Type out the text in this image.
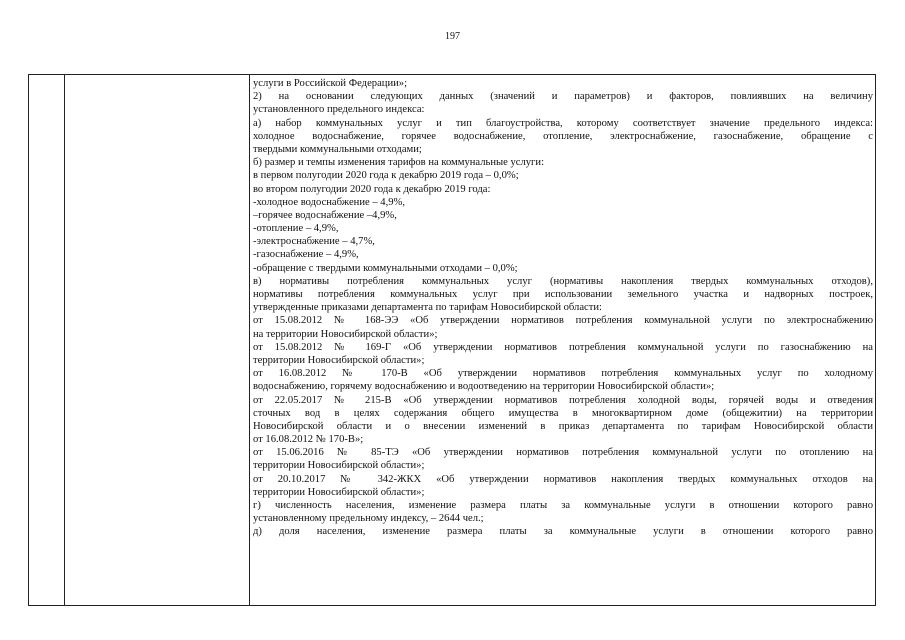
197
услуги в Российской Федерации»;
2) на основании следующих данных (значений и параметров) и факторов, повлиявших на величину
установленного предельного индекса:
а) набор коммунальных услуг и тип благоустройства, которому соответствует значение предельного индекса:
холодное водоснабжение, горячее водоснабжение, отопление, электроснабжение, газоснабжение, обращение с
твердыми коммунальными отходами;
б) размер и темпы изменения тарифов на коммунальные услуги:
в первом полугодии 2020 года к декабрю 2019 года – 0,0%;
во втором полугодии 2020 года к декабрю 2019 года:
-холодное водоснабжение – 4,9%,
–горячее водоснабжение –4,9%,
-отопление – 4,9%,
-электроснабжение – 4,7%,
-газоснабжение – 4,9%,
-обращение с твердыми коммунальными отходами – 0,0%;
в) нормативы потребления коммунальных услуг (нормативы накопления твердых коммунальных отходов),
нормативы потребления коммунальных услуг при использовании земельного участка и надворных построек,
утвержденные приказами департамента по тарифам Новосибирской области:
от 15.08.2012 № 168-ЭЭ «Об утверждении нормативов потребления коммунальной услуги по электроснабжению
на территории Новосибирской области»;
от 15.08.2012 № 169-Г «Об утверждении нормативов потребления коммунальной услуги по газоснабжению на
территории Новосибирской области»;
от 16.08.2012 № 170-В «Об утверждении нормативов потребления коммунальных услуг по холодному
водоснабжению, горячему водоснабжению и водоотведению на территории Новосибирской области»;
от 22.05.2017 № 215-В «Об утверждении нормативов потребления холодной воды, горячей воды и отведения
сточных вод в целях содержания общего имущества в многоквартирном доме (общежитии) на территории
Новосибирской области и о внесении изменений в приказ департамента по тарифам Новосибирской области
от 16.08.2012 № 170-В»;
от 15.06.2016 № 85-ТЭ «Об утверждении нормативов потребления коммунальной услуги по отоплению на
территории Новосибирской области»;
от 20.10.2017 № 342-ЖКХ «Об утверждении нормативов накопления твердых коммунальных отходов на
территории Новосибирской области»;
г) численность населения, изменение размера платы за коммунальные услуги в отношении которого равно
установленному предельному индексу, – 2644 чел.;
д) доля населения, изменение размера платы за коммунальные услуги в отношении которого равно
